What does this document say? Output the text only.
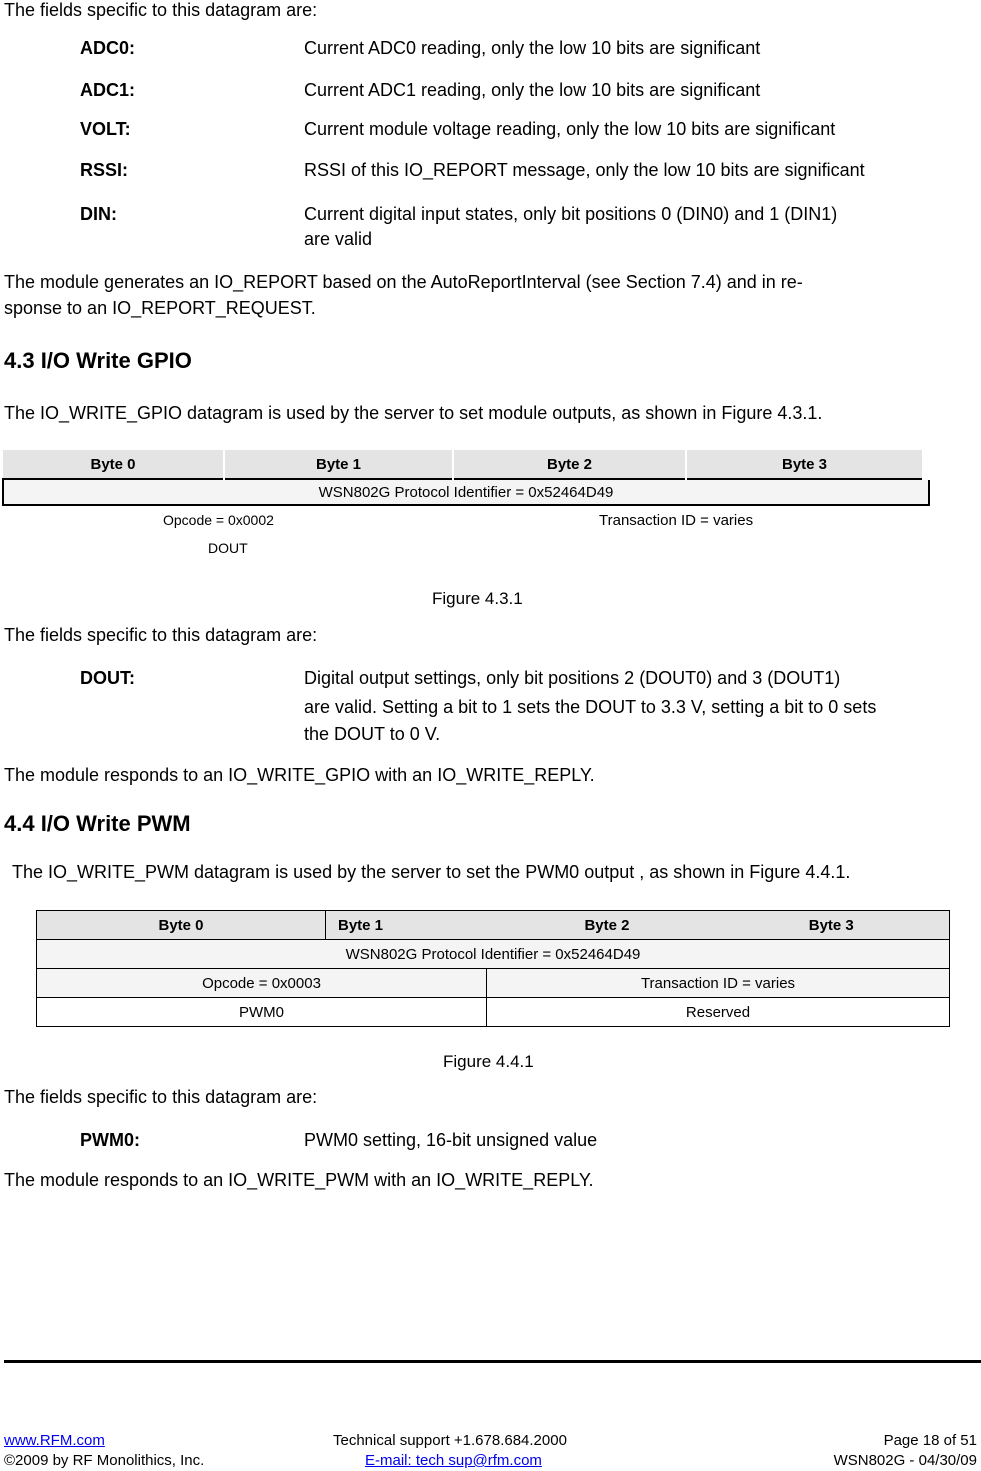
The fields specific to this datagram are:
ADC0:	Current ADC0 reading, only the low 10 bits are significant
ADC1:	Current ADC1 reading, only the low 10 bits are significant
VOLT:	Current module voltage reading, only the low 10 bits are significant
RSSI:	RSSI of this IO_REPORT message, only the low 10 bits are significant
DIN:	Current digital input states, only bit positions 0 (DIN0) and 1 (DIN1)
are valid
The module generates an IO_REPORT based on the AutoReportInterval (see Section 7.4) and in re-
sponse to an IO_REPORT_REQUEST.
4.3 I/O Write GPIO
The IO_WRITE_GPIO datagram is used by the server to set module outputs, as shown in Figure 4.3.1.
Byte 0	Byte 1	Byte 2	Byte 3
WSN802G Protocol Identifier = 0x52464D49			
Opcode = 0x0002		Transaction ID = varies	
DOUT			
Figure 4.3.1
The fields specific to this datagram are:
DOUT:	Digital output settings, only bit positions 2 (DOUT0) and 3 (DOUT1)
are valid. Setting a bit to 1 sets the DOUT to 3.3 V, setting a bit to 0 sets
the DOUT to 0 V.
The module responds to an IO_WRITE_GPIO with an IO_WRITE_REPLY.
4.4 I/O Write PWM
The IO_WRITE_PWM datagram is used by the server to set the PWM0 output , as shown in Figure 4.4.1.
Byte 0	Byte 1	Byte 2	Byte 3
WSN802G Protocol Identifier = 0x52464D49			
Opcode = 0x0003		Transaction ID = varies	
PWM0		Reserved	
Figure 4.4.1
The fields specific to this datagram are:
PWM0:	PWM0 setting, 16-bit unsigned value
The module responds to an IO_WRITE_PWM with an IO_WRITE_REPLY.
www.RFM.com
©2009 by RF Monolithics, Inc.
Technical support +1.678.684.2000
E-mail: tech sup@rfm.com
Page 18 of 51
WSN802G - 04/30/09
